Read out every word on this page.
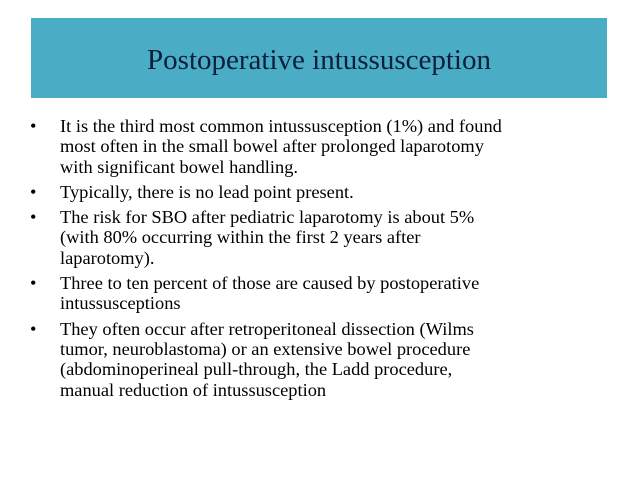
Postoperative intussusception
•	It is the third most common intussusception (1%) and found
most often in the small bowel after prolonged laparotomy
with significant bowel handling.
•	Typically, there is no lead point present.
•	The risk for SBO after pediatric laparotomy is about 5%
(with 80% occurring within the first 2 years after
laparotomy).
•	Three to ten percent of those are caused by postoperative
intussusceptions
•	They often occur after retroperitoneal dissection (Wilms
tumor, neuroblastoma) or an extensive bowel procedure
(abdominoperineal pull-through, the Ladd procedure,
manual reduction of intussusception
